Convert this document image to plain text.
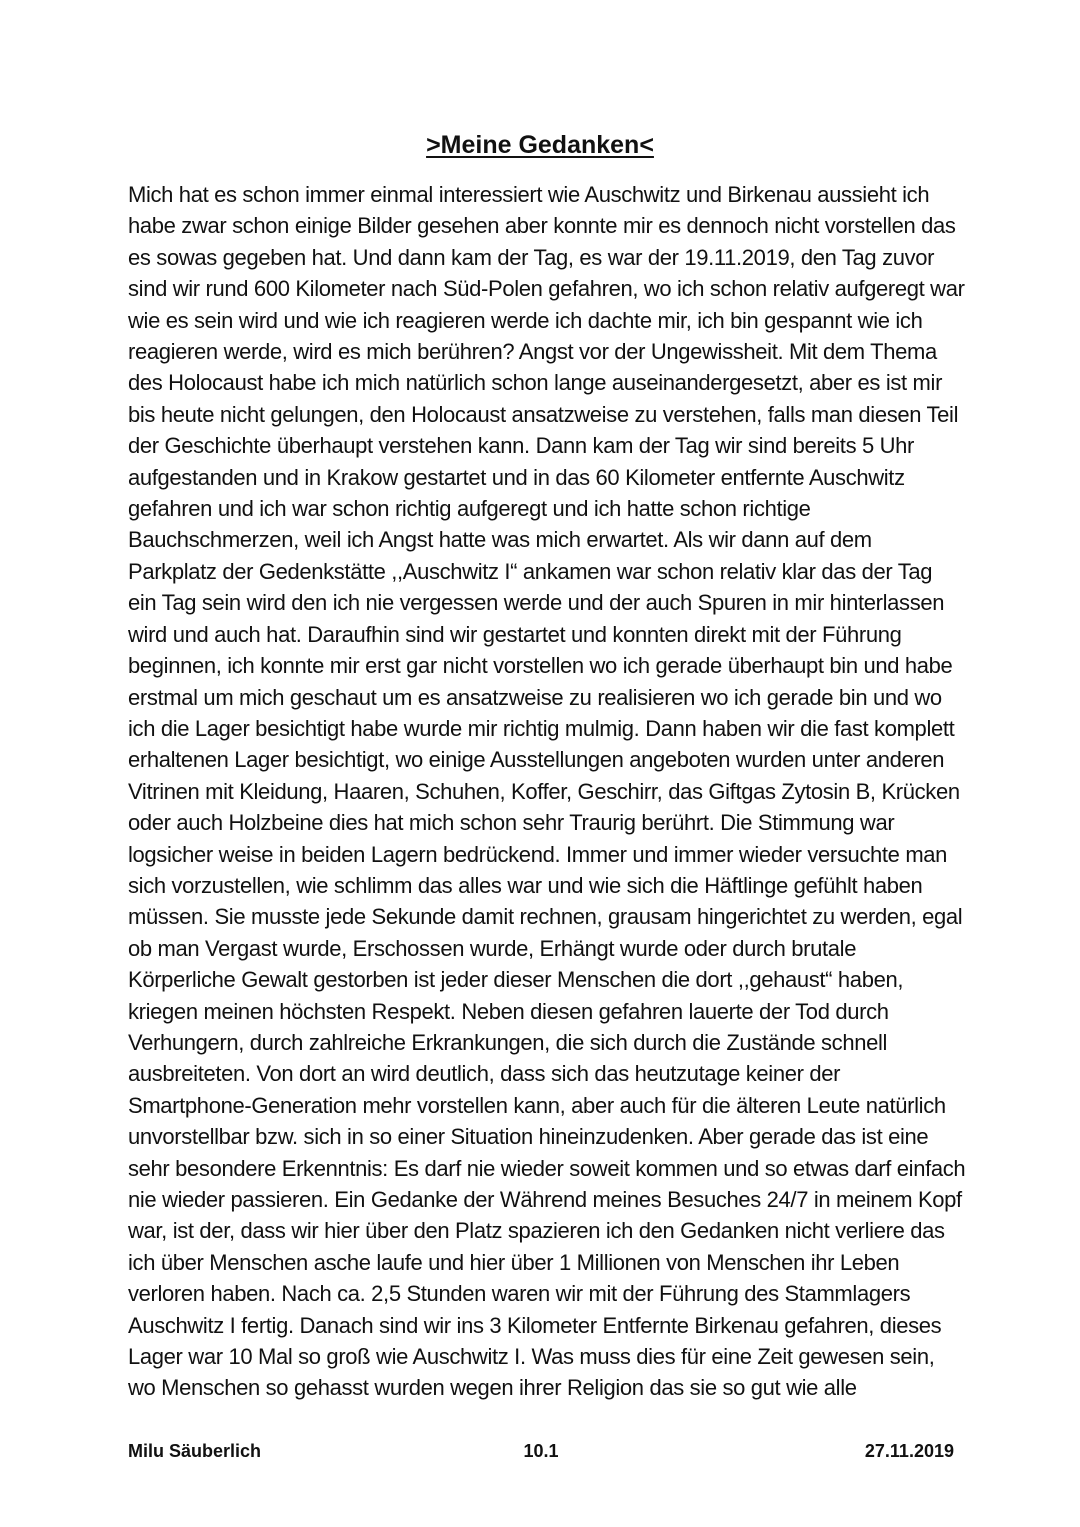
>Meine Gedanken<
Mich hat es schon immer einmal interessiert wie Auschwitz und Birkenau aussieht ich
habe zwar schon einige Bilder gesehen aber konnte mir es dennoch nicht vorstellen das
es sowas gegeben hat. Und dann kam der Tag, es war der 19.11.2019, den Tag zuvor
sind wir rund 600 Kilometer nach Süd-Polen gefahren, wo ich schon relativ aufgeregt war
wie es sein wird und wie ich reagieren werde ich dachte mir, ich bin gespannt wie ich
reagieren werde, wird es mich berühren? Angst vor der Ungewissheit. Mit dem Thema
des Holocaust habe ich mich natürlich schon lange auseinandergesetzt, aber es ist mir
bis heute nicht gelungen, den Holocaust ansatzweise zu verstehen, falls man diesen Teil
der Geschichte überhaupt verstehen kann. Dann kam der Tag wir sind bereits 5 Uhr
aufgestanden und in Krakow gestartet und in das 60 Kilometer entfernte Auschwitz
gefahren und ich war schon richtig aufgeregt und ich hatte schon richtige
Bauchschmerzen, weil ich Angst hatte was mich erwartet. Als wir dann auf dem
Parkplatz der Gedenkstätte ,,Auschwitz I“ ankamen war schon relativ klar das der Tag
ein Tag sein wird den ich nie vergessen werde und der auch Spuren in mir hinterlassen
wird und auch hat. Daraufhin sind wir gestartet und konnten direkt mit der Führung
beginnen, ich konnte mir erst gar nicht vorstellen wo ich gerade überhaupt bin und habe
erstmal um mich geschaut um es ansatzweise zu realisieren wo ich gerade bin und wo
ich die Lager besichtigt habe wurde mir richtig mulmig. Dann haben wir die fast komplett
erhaltenen Lager besichtigt, wo einige Ausstellungen angeboten wurden unter anderen
Vitrinen mit Kleidung, Haaren, Schuhen, Koffer, Geschirr, das Giftgas Zytosin B, Krücken
oder auch Holzbeine dies hat mich schon sehr Traurig berührt. Die Stimmung war
logsicher weise in beiden Lagern bedrückend. Immer und immer wieder versuchte man
sich vorzustellen, wie schlimm das alles war und wie sich die Häftlinge gefühlt haben
müssen. Sie musste jede Sekunde damit rechnen, grausam hingerichtet zu werden, egal
ob man Vergast wurde, Erschossen wurde, Erhängt wurde oder durch brutale
Körperliche Gewalt gestorben ist jeder dieser Menschen die dort ,,gehaust“ haben,
kriegen meinen höchsten Respekt. Neben diesen gefahren lauerte der Tod durch
Verhungern, durch zahlreiche Erkrankungen, die sich durch die Zustände schnell
ausbreiteten. Von dort an wird deutlich, dass sich das heutzutage keiner der
Smartphone-Generation mehr vorstellen kann, aber auch für die älteren Leute natürlich
unvorstellbar bzw. sich in so einer Situation hineinzudenken. Aber gerade das ist eine
sehr besondere Erkenntnis: Es darf nie wieder soweit kommen und so etwas darf einfach
nie wieder passieren. Ein Gedanke der Während meines Besuches 24/7 in meinem Kopf
war, ist der, dass wir hier über den Platz spazieren ich den Gedanken nicht verliere das
ich über Menschen asche laufe und hier über 1 Millionen von Menschen ihr Leben
verloren haben. Nach ca. 2,5 Stunden waren wir mit der Führung des Stammlagers
Auschwitz I fertig. Danach sind wir ins 3 Kilometer Entfernte Birkenau gefahren, dieses
Lager war 10 Mal so groß wie Auschwitz I. Was muss dies für eine Zeit gewesen sein,
wo Menschen so gehasst wurden wegen ihrer Religion das sie so gut wie alle
10.1
Milu Säuberlich	27.11.2019
